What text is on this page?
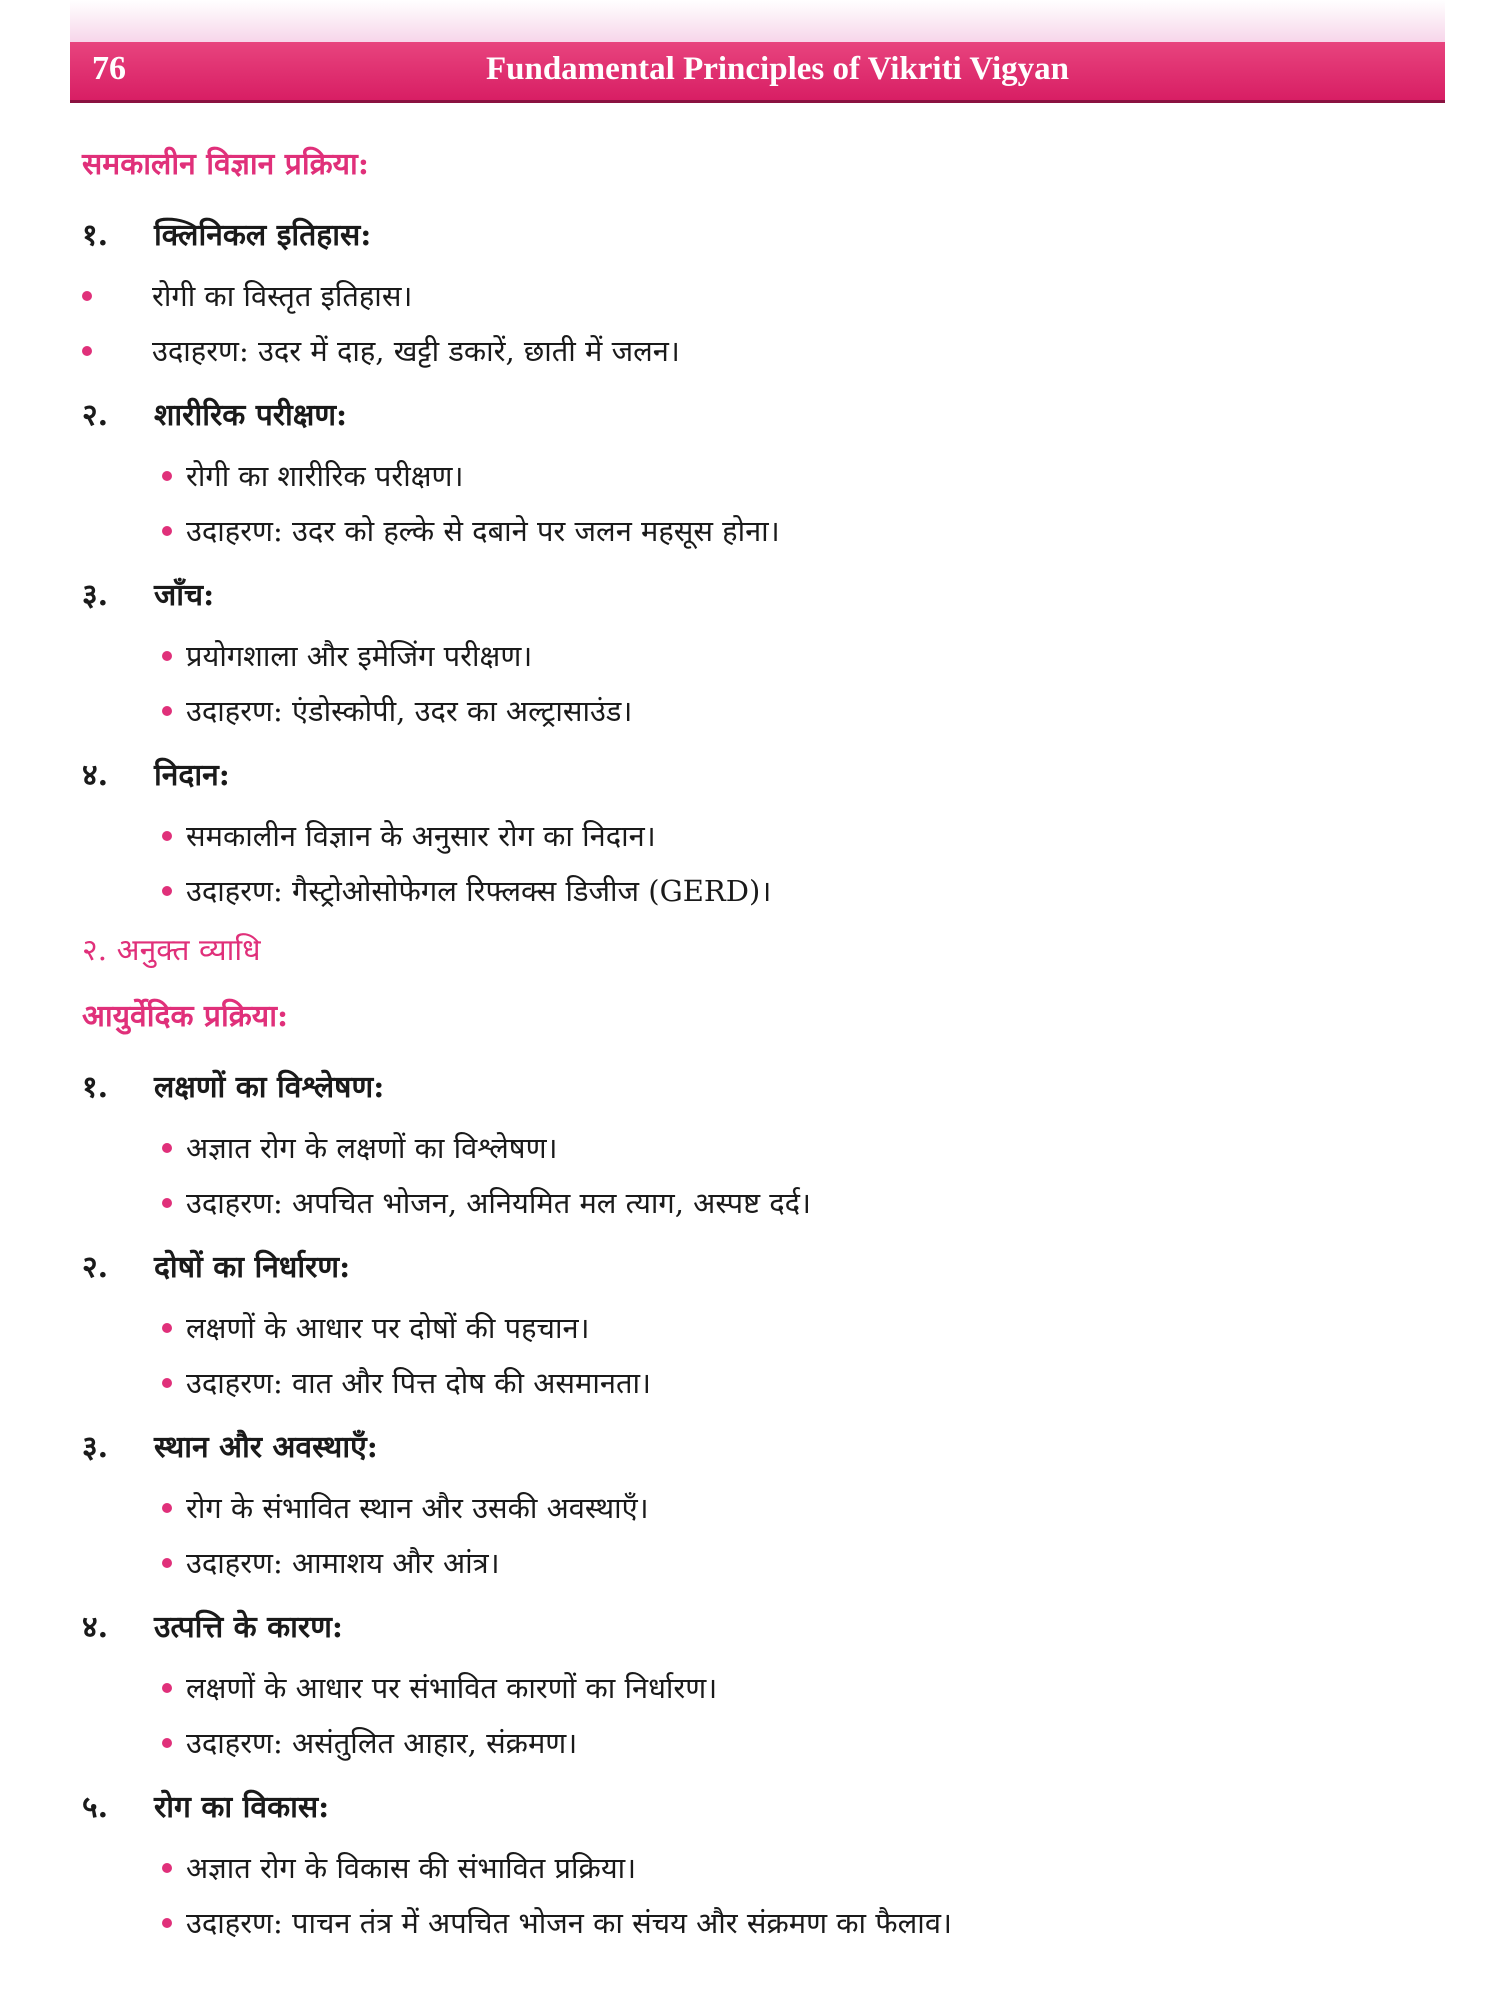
76	Fundamental Principles of Vikriti Vigyan
समकालीन विज्ञान प्रक्रिया:
१.	क्लिनिकल इतिहास:
रोगी का विस्तृत इतिहास।
उदाहरण: उदर में दाह, खट्टी डकारें, छाती में जलन।
२.	शारीरिक परीक्षण:
रोगी का शारीरिक परीक्षण।
उदाहरण: उदर को हल्के से दबाने पर जलन महसूस होना।
३.	जाँच:
प्रयोगशाला और इमेजिंग परीक्षण।
उदाहरण: एंडोस्कोपी, उदर का अल्ट्रासाउंड।
४.	निदान:
समकालीन विज्ञान के अनुसार रोग का निदान।
उदाहरण: गैस्ट्रोओसोफेगल रिफ्लक्स डिजीज (GERD)।
२. अनुक्त व्याधि
आयुर्वेदिक प्रक्रिया:
१.	लक्षणों का विश्लेषण:
अज्ञात रोग के लक्षणों का विश्लेषण।
उदाहरण: अपचित भोजन, अनियमित मल त्याग, अस्पष्ट दर्द।
२.	दोषों का निर्धारण:
लक्षणों के आधार पर दोषों की पहचान।
उदाहरण: वात और पित्त दोष की असमानता।
३.	स्थान और अवस्थाएँ:
रोग के संभावित स्थान और उसकी अवस्थाएँ।
उदाहरण: आमाशय और आंत्र।
४.	उत्पत्ति के कारण:
लक्षणों के आधार पर संभावित कारणों का निर्धारण।
उदाहरण: असंतुलित आहार, संक्रमण।
५.	रोग का विकास:
अज्ञात रोग के विकास की संभावित प्रक्रिया।
उदाहरण: पाचन तंत्र में अपचित भोजन का संचय और संक्रमण का फैलाव।
